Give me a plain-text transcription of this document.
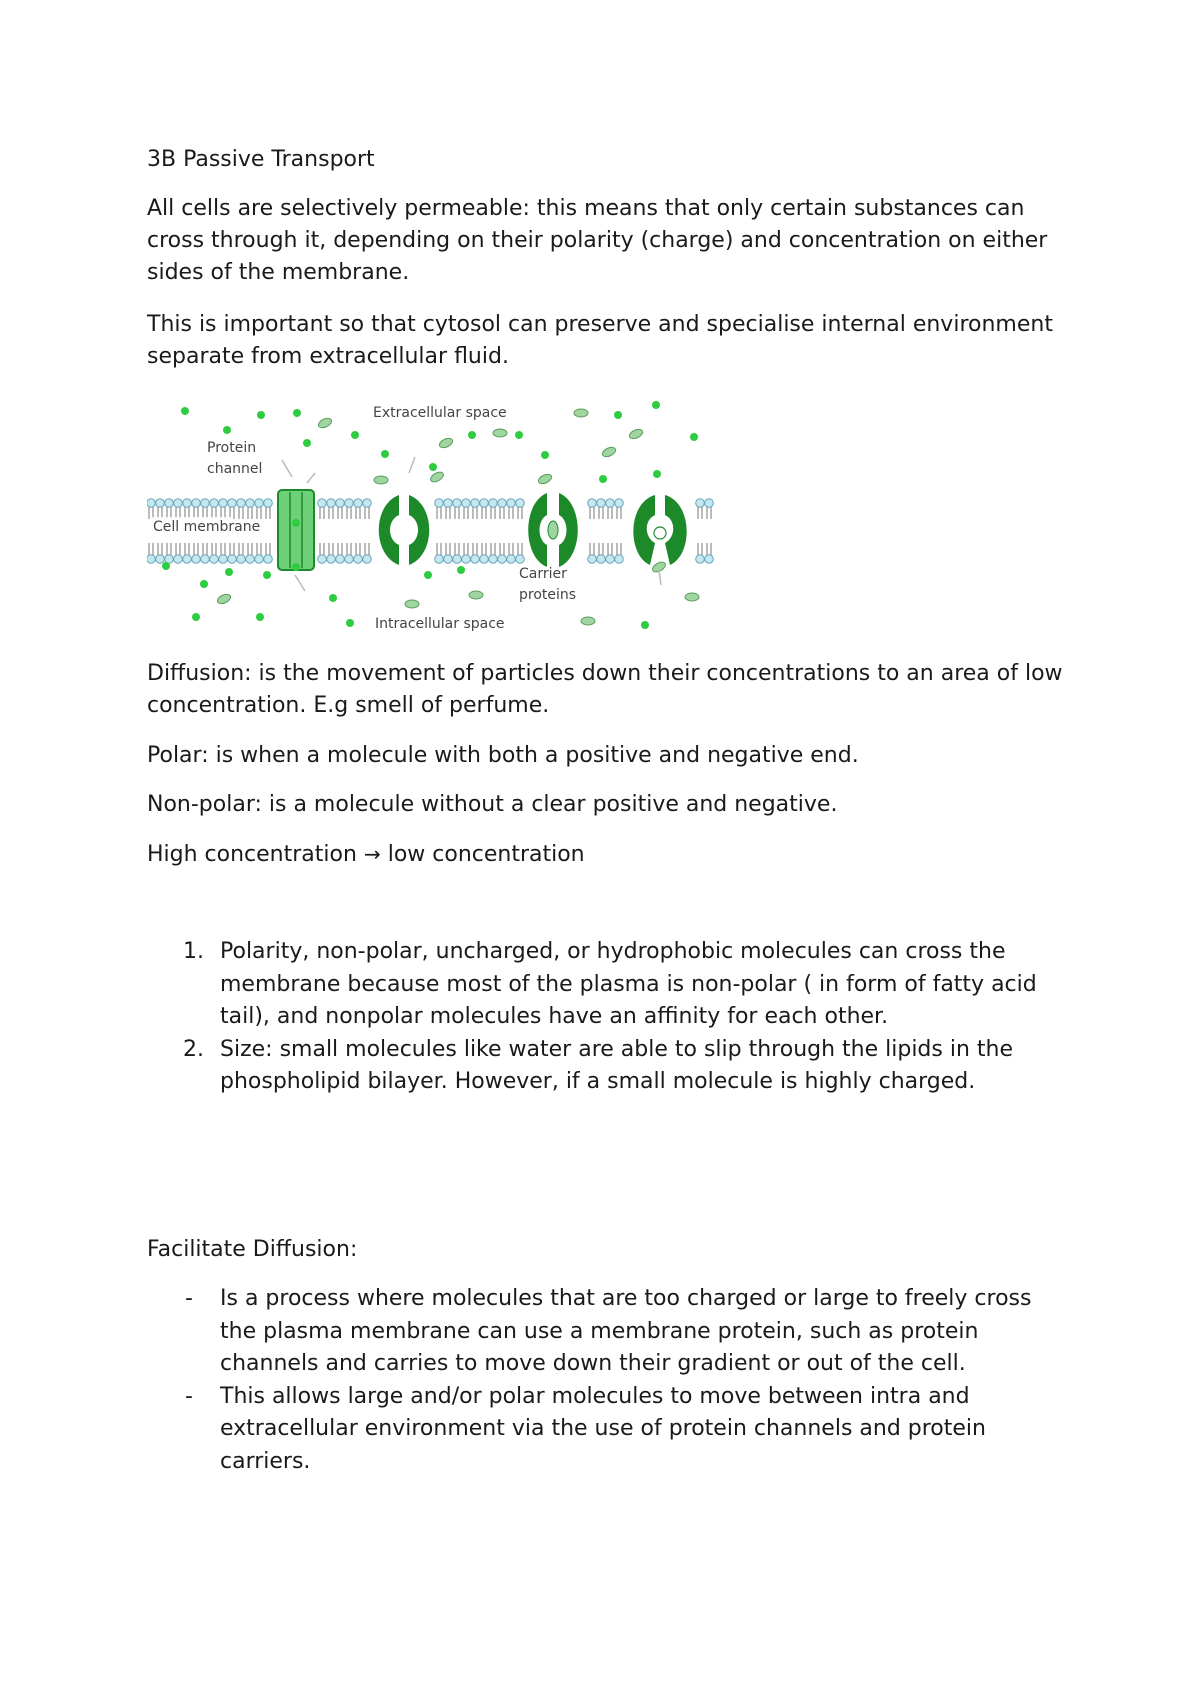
3B Passive Transport

All cells are selectively permeable: this means that only certain substances can cross through it, depending on their polarity (charge) and concentration on either sides of the membrane.

This is important so that cytosol can preserve and specialise internal environment separate from extracellular fluid.

Extracellular space
Protein
channel
Cell membrane
Carrier
proteins
Intracellular space

Diffusion: is the movement of particles down their concentrations to an area of low concentration. E.g smell of perfume.

Polar: is when a molecule with both a positive and negative end.

Non-polar: is a molecule without a clear positive and negative.

High concentration → low concentration

1. Polarity, non-polar, uncharged, or hydrophobic molecules can cross the membrane because most of the plasma is non-polar ( in form of fatty acid tail), and nonpolar molecules have an affinity for each other.
2. Size: small molecules like water are able to slip through the lipids in the phospholipid bilayer. However, if a small molecule is highly charged.

Facilitate Diffusion:

- Is a process where molecules that are too charged or large to freely cross the plasma membrane can use a membrane protein, such as protein channels and carries to move down their gradient or out of the cell.
- This allows large and/or polar molecules to move between intra and extracellular environment via the use of protein channels and protein carriers.
